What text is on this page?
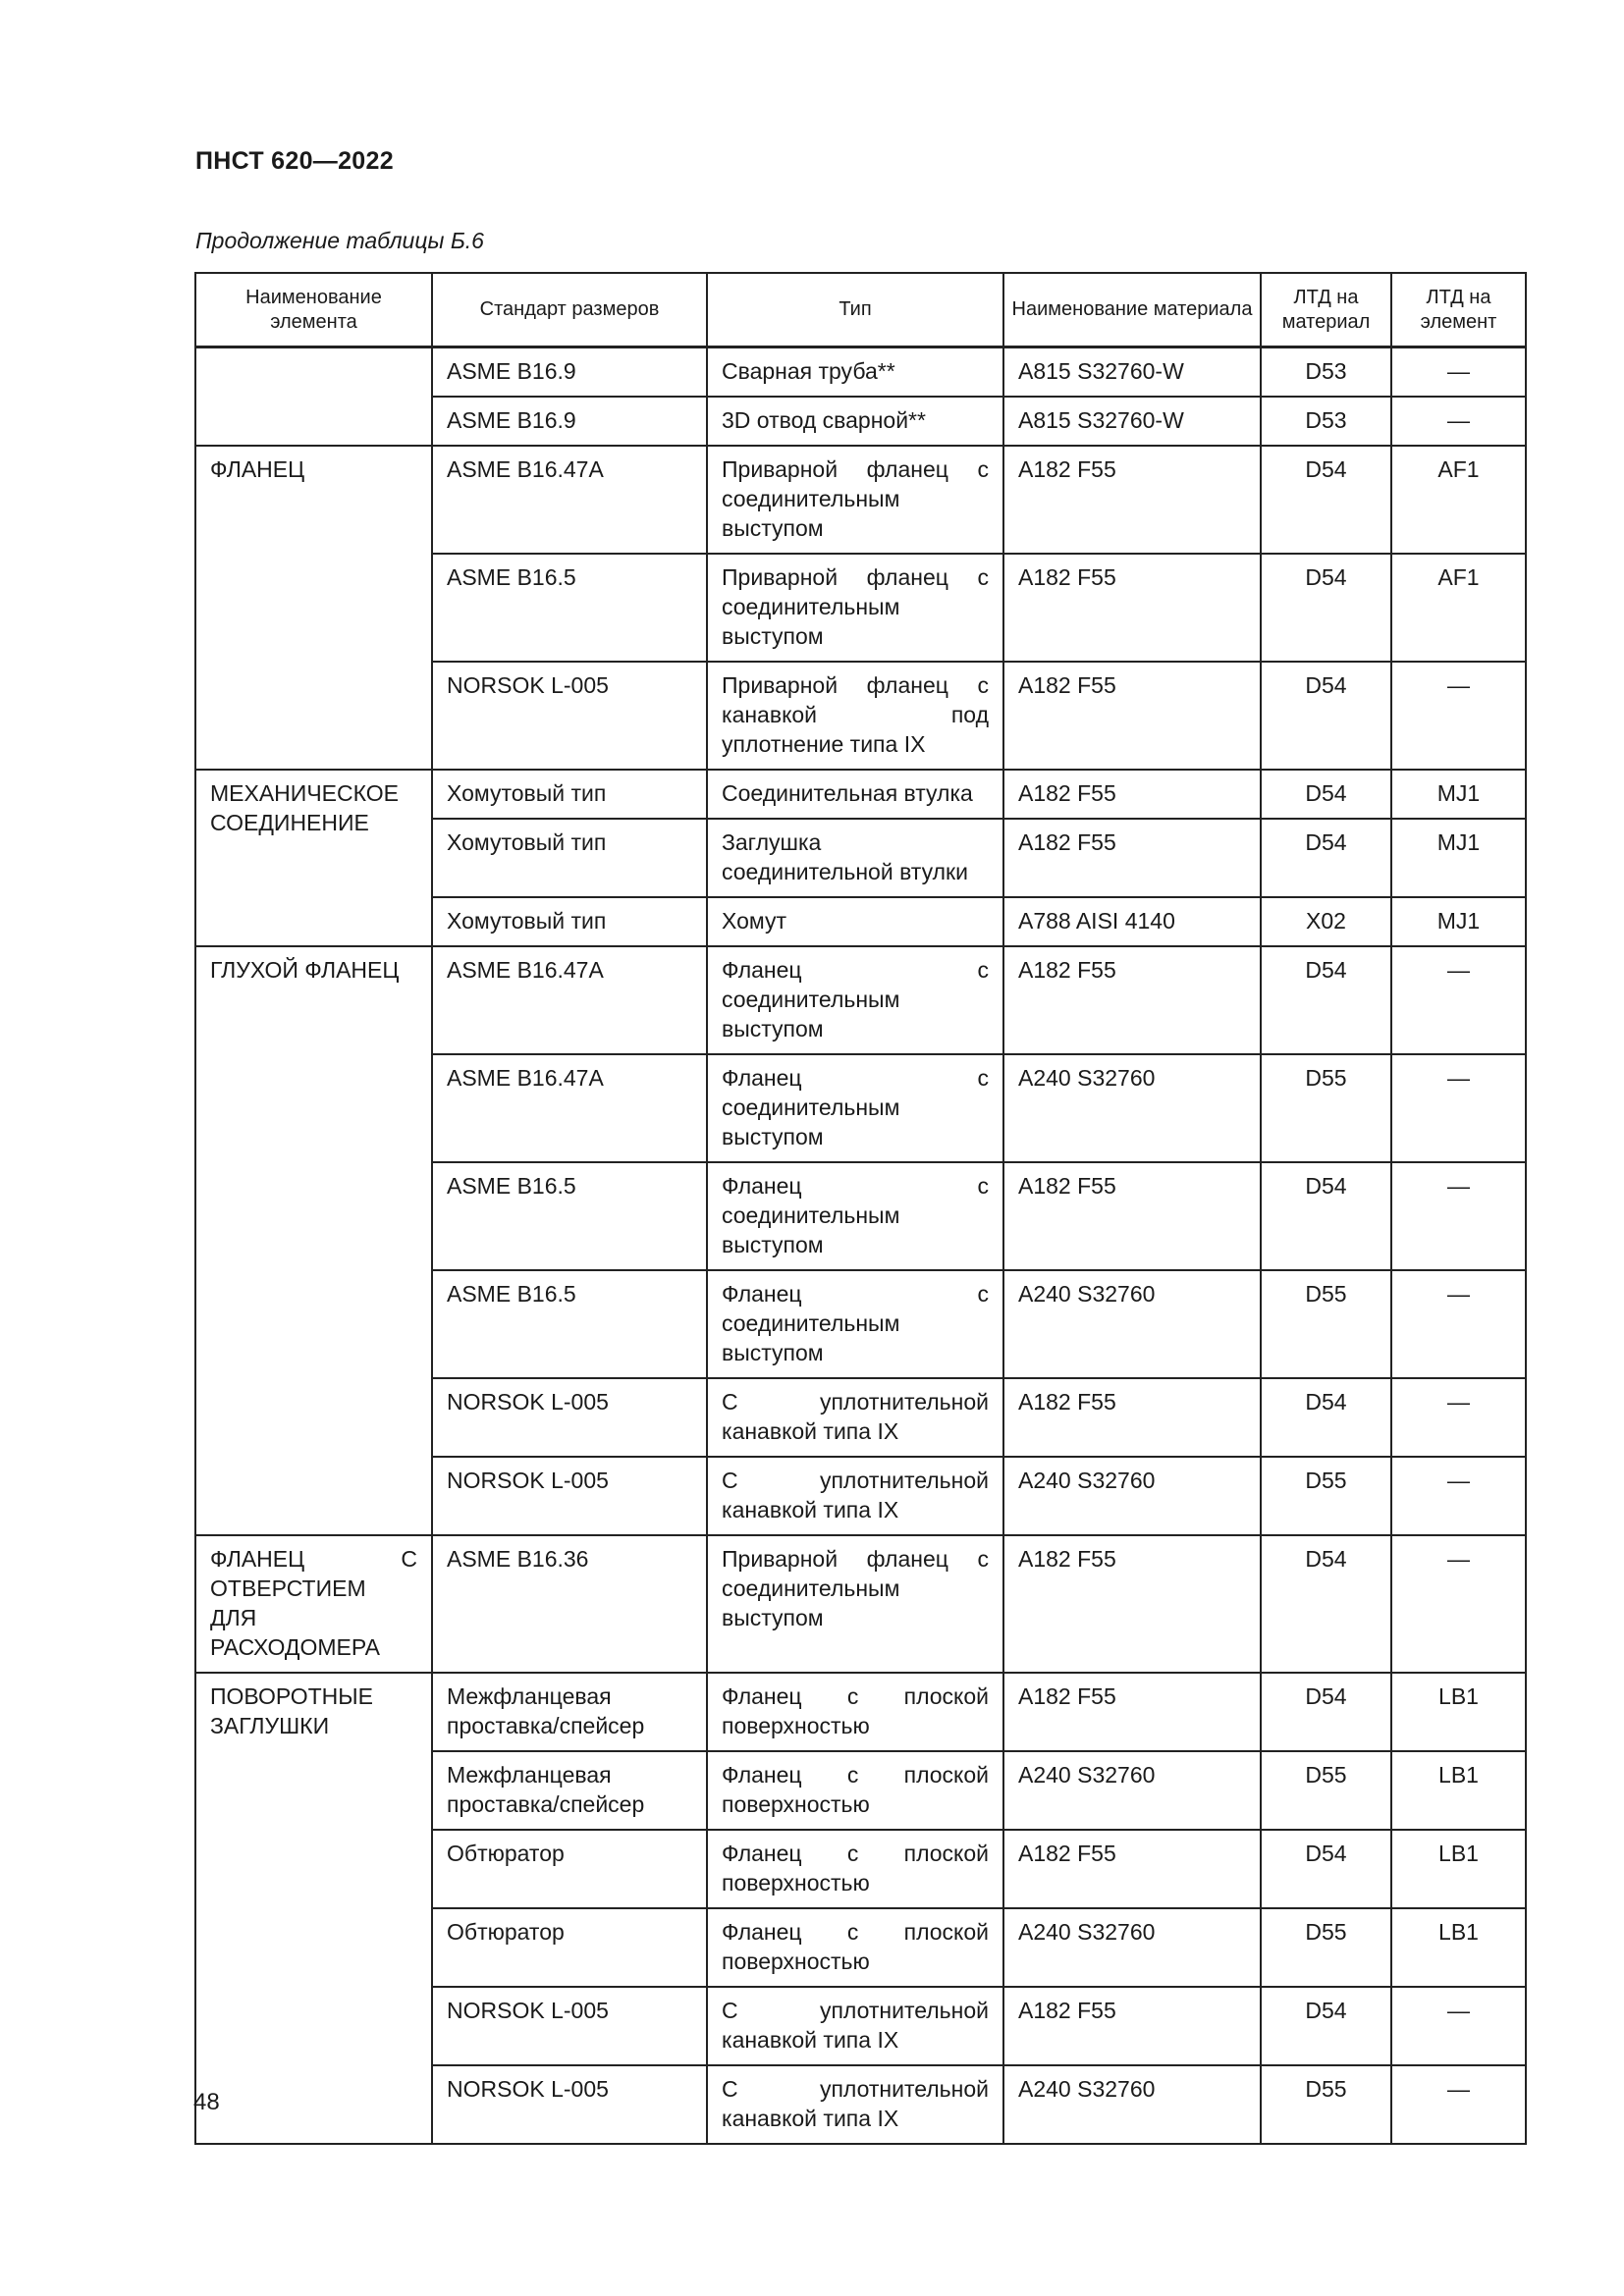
ПНСТ 620—2022
Продолжение таблицы Б.6
Наименование элемента	Стандарт размеров	Тип	Наименование материала	ЛТД на материал	ЛТД на элемент
	ASME B16.9	Сварная труба**	A815 S32760-W	D53	—
	ASME B16.9	3D отвод сварной**	A815 S32760-W	D53	—
ФЛАНЕЦ	ASME B16.47A	Приварной фланец с соединительным выступом	A182 F55	D54	AF1
	ASME B16.5	Приварной фланец с соединительным выступом	A182 F55	D54	AF1
	NORSOK L-005	Приварной фланец с канавкой под уплотнение типа IX	A182 F55	D54	—
МЕХАНИЧЕСКОЕ СОЕДИНЕНИЕ	Хомутовый тип	Соединительная втулка	A182 F55	D54	MJ1
	Хомутовый тип	Заглушка соединительной втулки	A182 F55	D54	MJ1
	Хомутовый тип	Хомут	A788 AISI 4140	X02	MJ1
ГЛУХОЙ ФЛАНЕЦ	ASME B16.47A	Фланец с соединительным выступом	A182 F55	D54	—
	ASME B16.47A	Фланец с соединительным выступом	A240 S32760	D55	—
	ASME B16.5	Фланец с соединительным выступом	A182 F55	D54	—
	ASME B16.5	Фланец с соединительным выступом	A240 S32760	D55	—
	NORSOK L-005	С уплотнительной канавкой типа IX	A182 F55	D54	—
	NORSOK L-005	С уплотнительной канавкой типа IX	A240 S32760	D55	—
ФЛАНЕЦ С ОТВЕРСТИЕМ ДЛЯ РАСХОДОМЕРА	ASME B16.36	Приварной фланец с соединительным выступом	A182 F55	D54	—
ПОВОРОТНЫЕ ЗАГЛУШКИ	Межфланцевая проставка/спейсер	Фланец с плоской поверхностью	A182 F55	D54	LB1
	Межфланцевая проставка/спейсер	Фланец с плоской поверхностью	A240 S32760	D55	LB1
	Обтюратор	Фланец с плоской поверхностью	A182 F55	D54	LB1
	Обтюратор	Фланец с плоской поверхностью	A240 S32760	D55	LB1
	NORSOK L-005	С уплотнительной канавкой типа IX	A182 F55	D54	—
	NORSOK L-005	С уплотнительной канавкой типа IX	A240 S32760	D55	—
48
